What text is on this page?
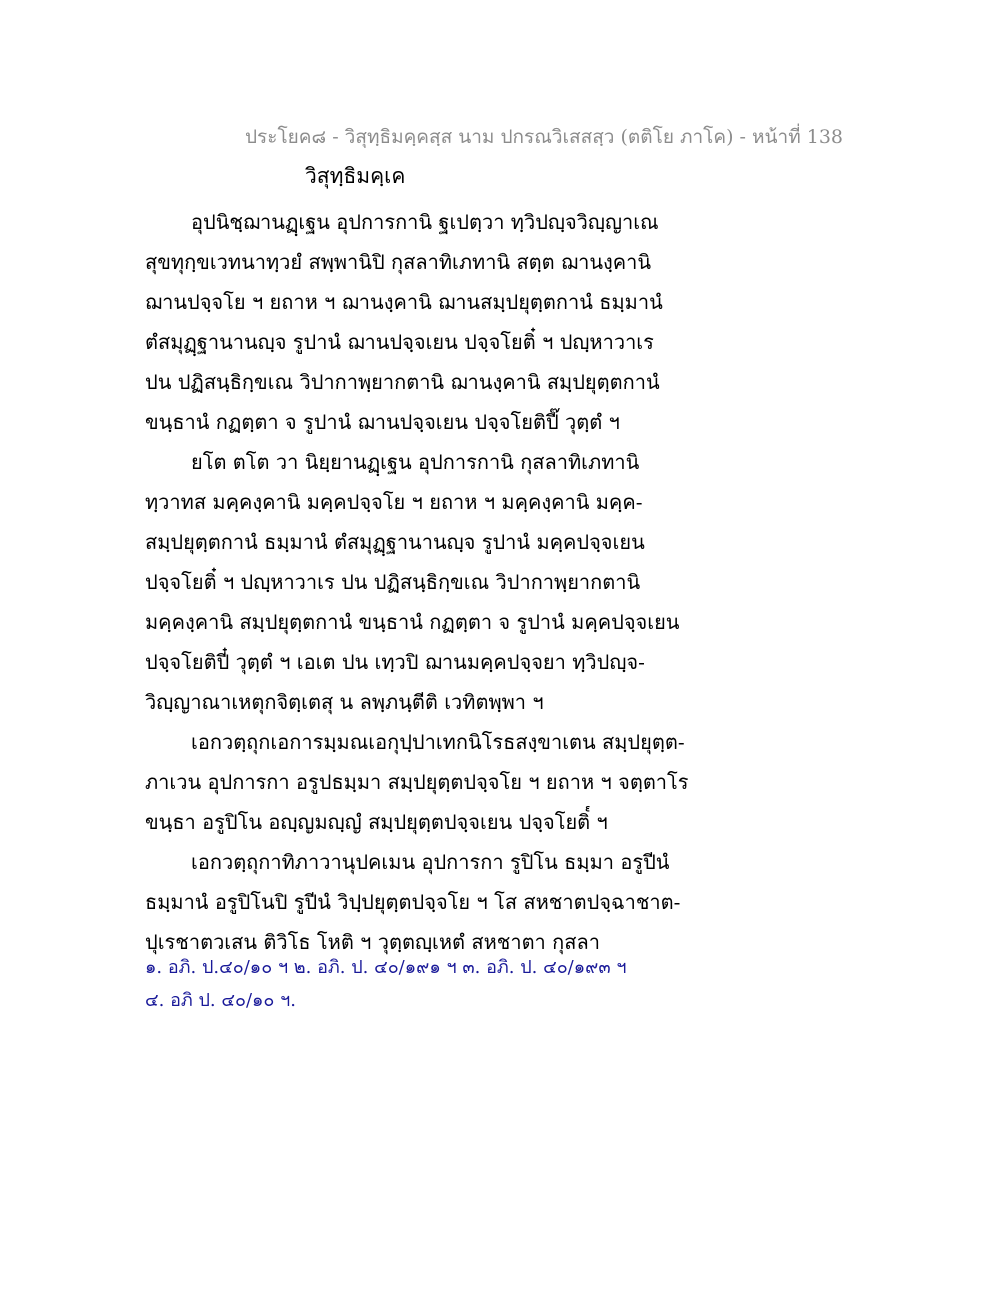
ประโยค๘ - วิสุทฺธิมคฺคสฺส นาม ปกรณวิเสสสฺว (ตติโย ภาโค) - หน้าที่ 138
วิสุทฺธิมคฺเค
อุปนิชฺฌานฏฺเฐน อุปการกานิ ฐเปตฺวา ทฺวิปญฺจวิญฺญาเณ
สุขทุกฺขเวทนาทฺวยํ สพฺพานิปิ กุสลาทิเภทานิ สตฺต ฌานงฺคานิ
ฌานปจฺจโย ฯ ยถาห ฯ ฌานงฺคานิ ฌานสมฺปยุตฺตกานํ ธมฺมานํ
ตํสมุฏฺฐานานญฺจ รูปานํ ฌานปจฺจเยน ปจฺจโยติ๋ ฯ ปญฺหาวาเร
ปน ปฏิสนฺธิกฺขเณ วิปากาพฺยากตานิ ฌานงฺคานิ สมฺปยุตฺตกานํ
ขนฺธานํ กฏตฺตา จ รูปานํ ฌานปจฺจเยน ปจฺจโยติปี๊ วุตฺตํ ฯ
ยโต ตโต วา นิยฺยานฏฺเฐน อุปการกานิ กุสลาทิเภทานิ
ทฺวาทส มคฺคงฺคานิ มคฺคปจฺจโย ฯ ยถาห ฯ มคฺคงฺคานิ มคฺค-
สมฺปยุตฺตกานํ ธมฺมานํ ตํสมุฏฺฐานานญฺจ รูปานํ มคฺคปจฺจเยน
ปจฺจโยติ๋ ฯ ปญฺหาวาเร ปน ปฏิสนฺธิกฺขเณ วิปากาพฺยากตานิ
มคฺคงฺคานิ สมฺปยุตฺตกานํ ขนฺธานํ กฏตฺตา จ รูปานํ มคฺคปจฺจเยน
ปจฺจโยติปี๋ วุตฺตํ ฯ เอเต ปน เทฺวปิ ฌานมคฺคปจฺจยา ทฺวิปญฺจ-
วิญฺญาณาเหตุกจิตฺเตสุ น ลพฺภนฺตีติ เวทิตพฺพา ฯ
เอกวตฺถุกเอการมฺมณเอกุปฺปาเทกนิโรธสงฺขาเตน สมฺปยุตฺต-
ภาเวน อุปการกา อรูปธมฺมา สมฺปยุตฺตปจฺจโย ฯ ยถาห ฯ จตฺตาโร
ขนฺธา อรูปิโน อญฺญมญฺญํ สมฺปยุตฺตปจฺจเยน ปจฺจโยติ๎ ฯ
เอกวตฺถุกาทิภาวานุปคเมน อุปการกา รูปิโน ธมฺมา อรูปีนํ
ธมฺมานํ อรูปิโนปิ รูปีนํ วิปฺปยุตฺตปจฺจโย ฯ โส สหชาตปจฺฉาชาต-
ปุเรชาตวเสน ติวิโธ โหติ ฯ วุตฺตญฺเหตํ สหชาตา กุสลา
๑. อภิ. ป.๔๐/๑๐ ฯ ๒. อภิ. ป. ๔๐/๑๙๑ ฯ ๓. อภิ. ป. ๔๐/๑๙๓ ฯ
๔. อภิ ป. ๔๐/๑๐ ฯ.
